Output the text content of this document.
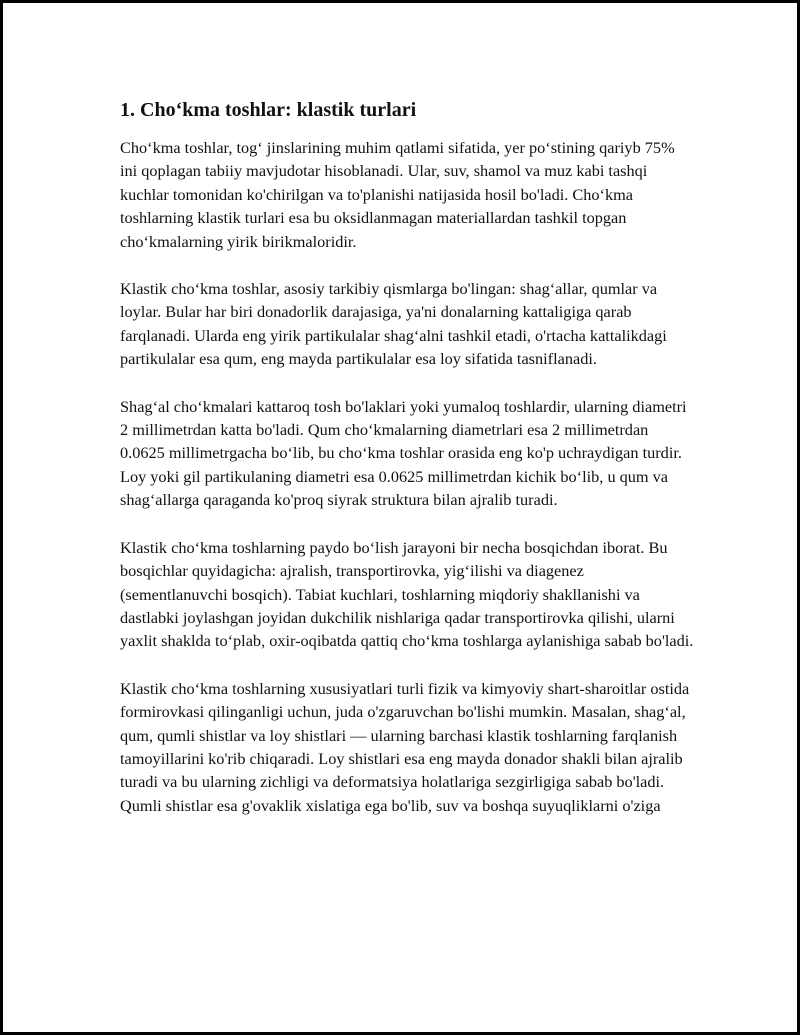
1. Cho‘kma toshlar: klastik turlari

Cho‘kma toshlar, tog‘ jinslarining muhim qatlami sifatida, yer po‘stining qariyb 75% ini qoplagan tabiiy mavjudotar hisoblanadi. Ular, suv, shamol va muz kabi tashqi kuchlar tomonidan ko'chirilgan va to'planishi natijasida hosil bo'ladi. Cho‘kma toshlarning klastik turlari esa bu oksidlanmagan materiallardan tashkil topgan cho‘kmalarning yirik birikmaloridir.

Klastik cho‘kma toshlar, asosiy tarkibiy qismlarga bo'lingan: shag‘allar, qumlar va loylar. Bular har biri donadorlik darajasiga, ya'ni donalarning kattaligiga qarab farqlanadi. Ularda eng yirik partikulalar shag‘alni tashkil etadi, o'rtacha kattalikdagi partikulalar esa qum, eng mayda partikulalar esa loy sifatida tasniflanadi.

Shag‘al cho‘kmalari kattaroq tosh bo'laklari yoki yumaloq toshlardir, ularning diametri 2 millimetrdan katta bo'ladi. Qum cho‘kmalarning diametrlari esa 2 millimetrdan 0.0625 millimetrgacha bo‘lib, bu cho‘kma toshlar orasida eng ko'p uchraydigan turdir. Loy yoki gil partikulaning diametri esa 0.0625 millimetrdan kichik bo‘lib, u qum va shag‘allarga qaraganda ko'proq siyrak struktura bilan ajralib turadi.

Klastik cho‘kma toshlarning paydo bo‘lish jarayoni bir necha bosqichdan iborat. Bu bosqichlar quyidagicha: ajralish, transportirovka, yig‘ilishi va diagenez (sementlanuvchi bosqich). Tabiat kuchlari, toshlarning miqdoriy shakllanishi va dastlabki joylashgan joyidan dukchilik nishlariga qadar transportirovka qilishi, ularni yaxlit shaklda to‘plab, oxir-oqibatda qattiq cho‘kma toshlarga aylanishiga sabab bo'ladi.

Klastik cho‘kma toshlarning xususiyatlari turli fizik va kimyoviy shart-sharoitlar ostida formirovkasi qilinganligi uchun, juda o'zgaruvchan bo'lishi mumkin. Masalan, shag‘al, qum, qumli shistlar va loy shistlari — ularning barchasi klastik toshlarning farqlanish tamoyillarini ko'rib chiqaradi. Loy shistlari esa eng mayda donador shakli bilan ajralib turadi va bu ularning zichligi va deformatsiya holatlariga sezgirligiga sabab bo'ladi. Qumli shistlar esa g'ovaklik xislatiga ega bo'lib, suv va boshqa suyuqliklarni o'ziga
